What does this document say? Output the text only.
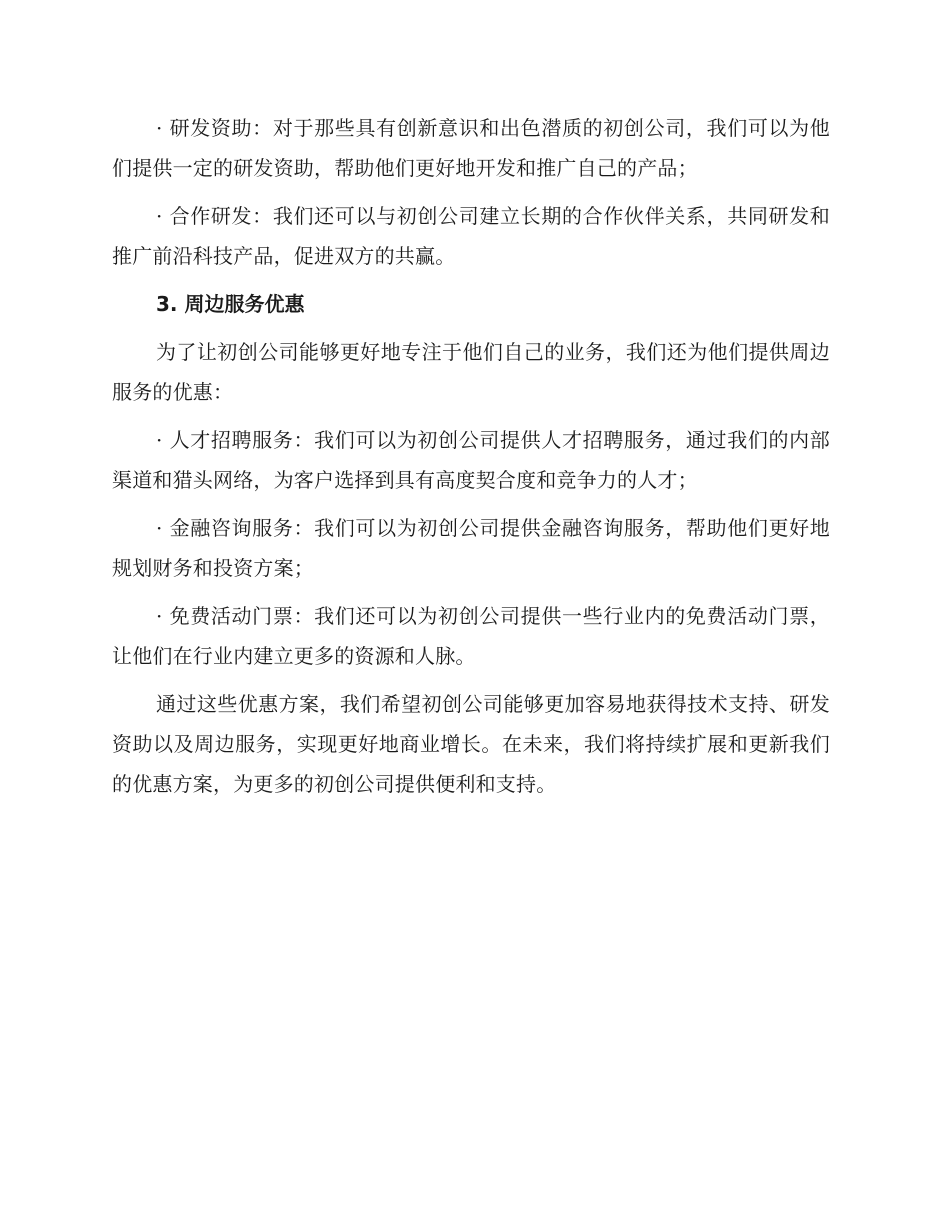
· 研发资助：对于那些具有创新意识和出色潜质的初创公司，我们可以为他们提供一定的研发资助，帮助他们更好地开发和推广自己的产品；

· 合作研发：我们还可以与初创公司建立长期的合作伙伴关系，共同研发和推广前沿科技产品，促进双方的共赢。

3. 周边服务优惠

为了让初创公司能够更好地专注于他们自己的业务，我们还为他们提供周边服务的优惠：

· 人才招聘服务：我们可以为初创公司提供人才招聘服务，通过我们的内部渠道和猎头网络，为客户选择到具有高度契合度和竞争力的人才；

· 金融咨询服务：我们可以为初创公司提供金融咨询服务，帮助他们更好地规划财务和投资方案；

· 免费活动门票：我们还可以为初创公司提供一些行业内的免费活动门票，让他们在行业内建立更多的资源和人脉。

通过这些优惠方案，我们希望初创公司能够更加容易地获得技术支持、研发资助以及周边服务，实现更好地商业增长。在未来，我们将持续扩展和更新我们的优惠方案，为更多的初创公司提供便利和支持。
